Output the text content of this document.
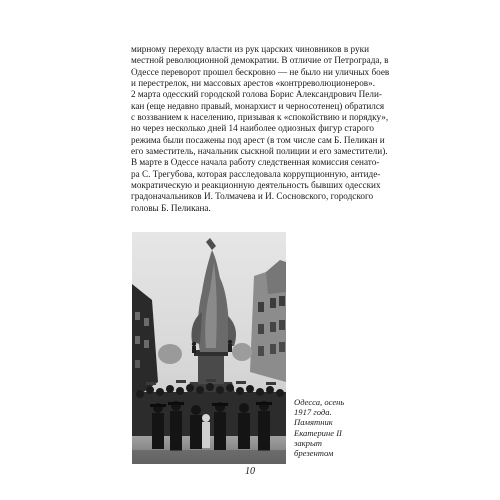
мирному переходу власти из рук царских чиновников в руки
местной революционной демократии. В отличие от Петрограда, в
Одессе переворот прошел бескровно — не было ни уличных боев
и перестрелок, ни массовых арестов «контрреволюционеров».
2 марта одесский городской голова Борис Александрович Пели-
кан (еще недавно правый, монархист и черносотенец) обратился
с воззванием к населению, призывая к «спокойствию и порядку»,
но через несколько дней 14 наиболее одиозных фигур старого
режима были посажены под арест (в том числе сам Б. Пеликан и
его заместитель, начальник сыскной полиции и его заместители).
В марте в Одессе начала работу следственная комиссия сенато-
ра С. Трегубова, которая расследовала коррупционную, антиде-
мократическую и реакционную деятельность бывших одесских
градоначальников И. Толмачева и И. Сосновского, городского
головы Б. Пеликана.
Одесса, осень
1917 года.
Памятник
Екатерине II
закрыт
брезентом
10
